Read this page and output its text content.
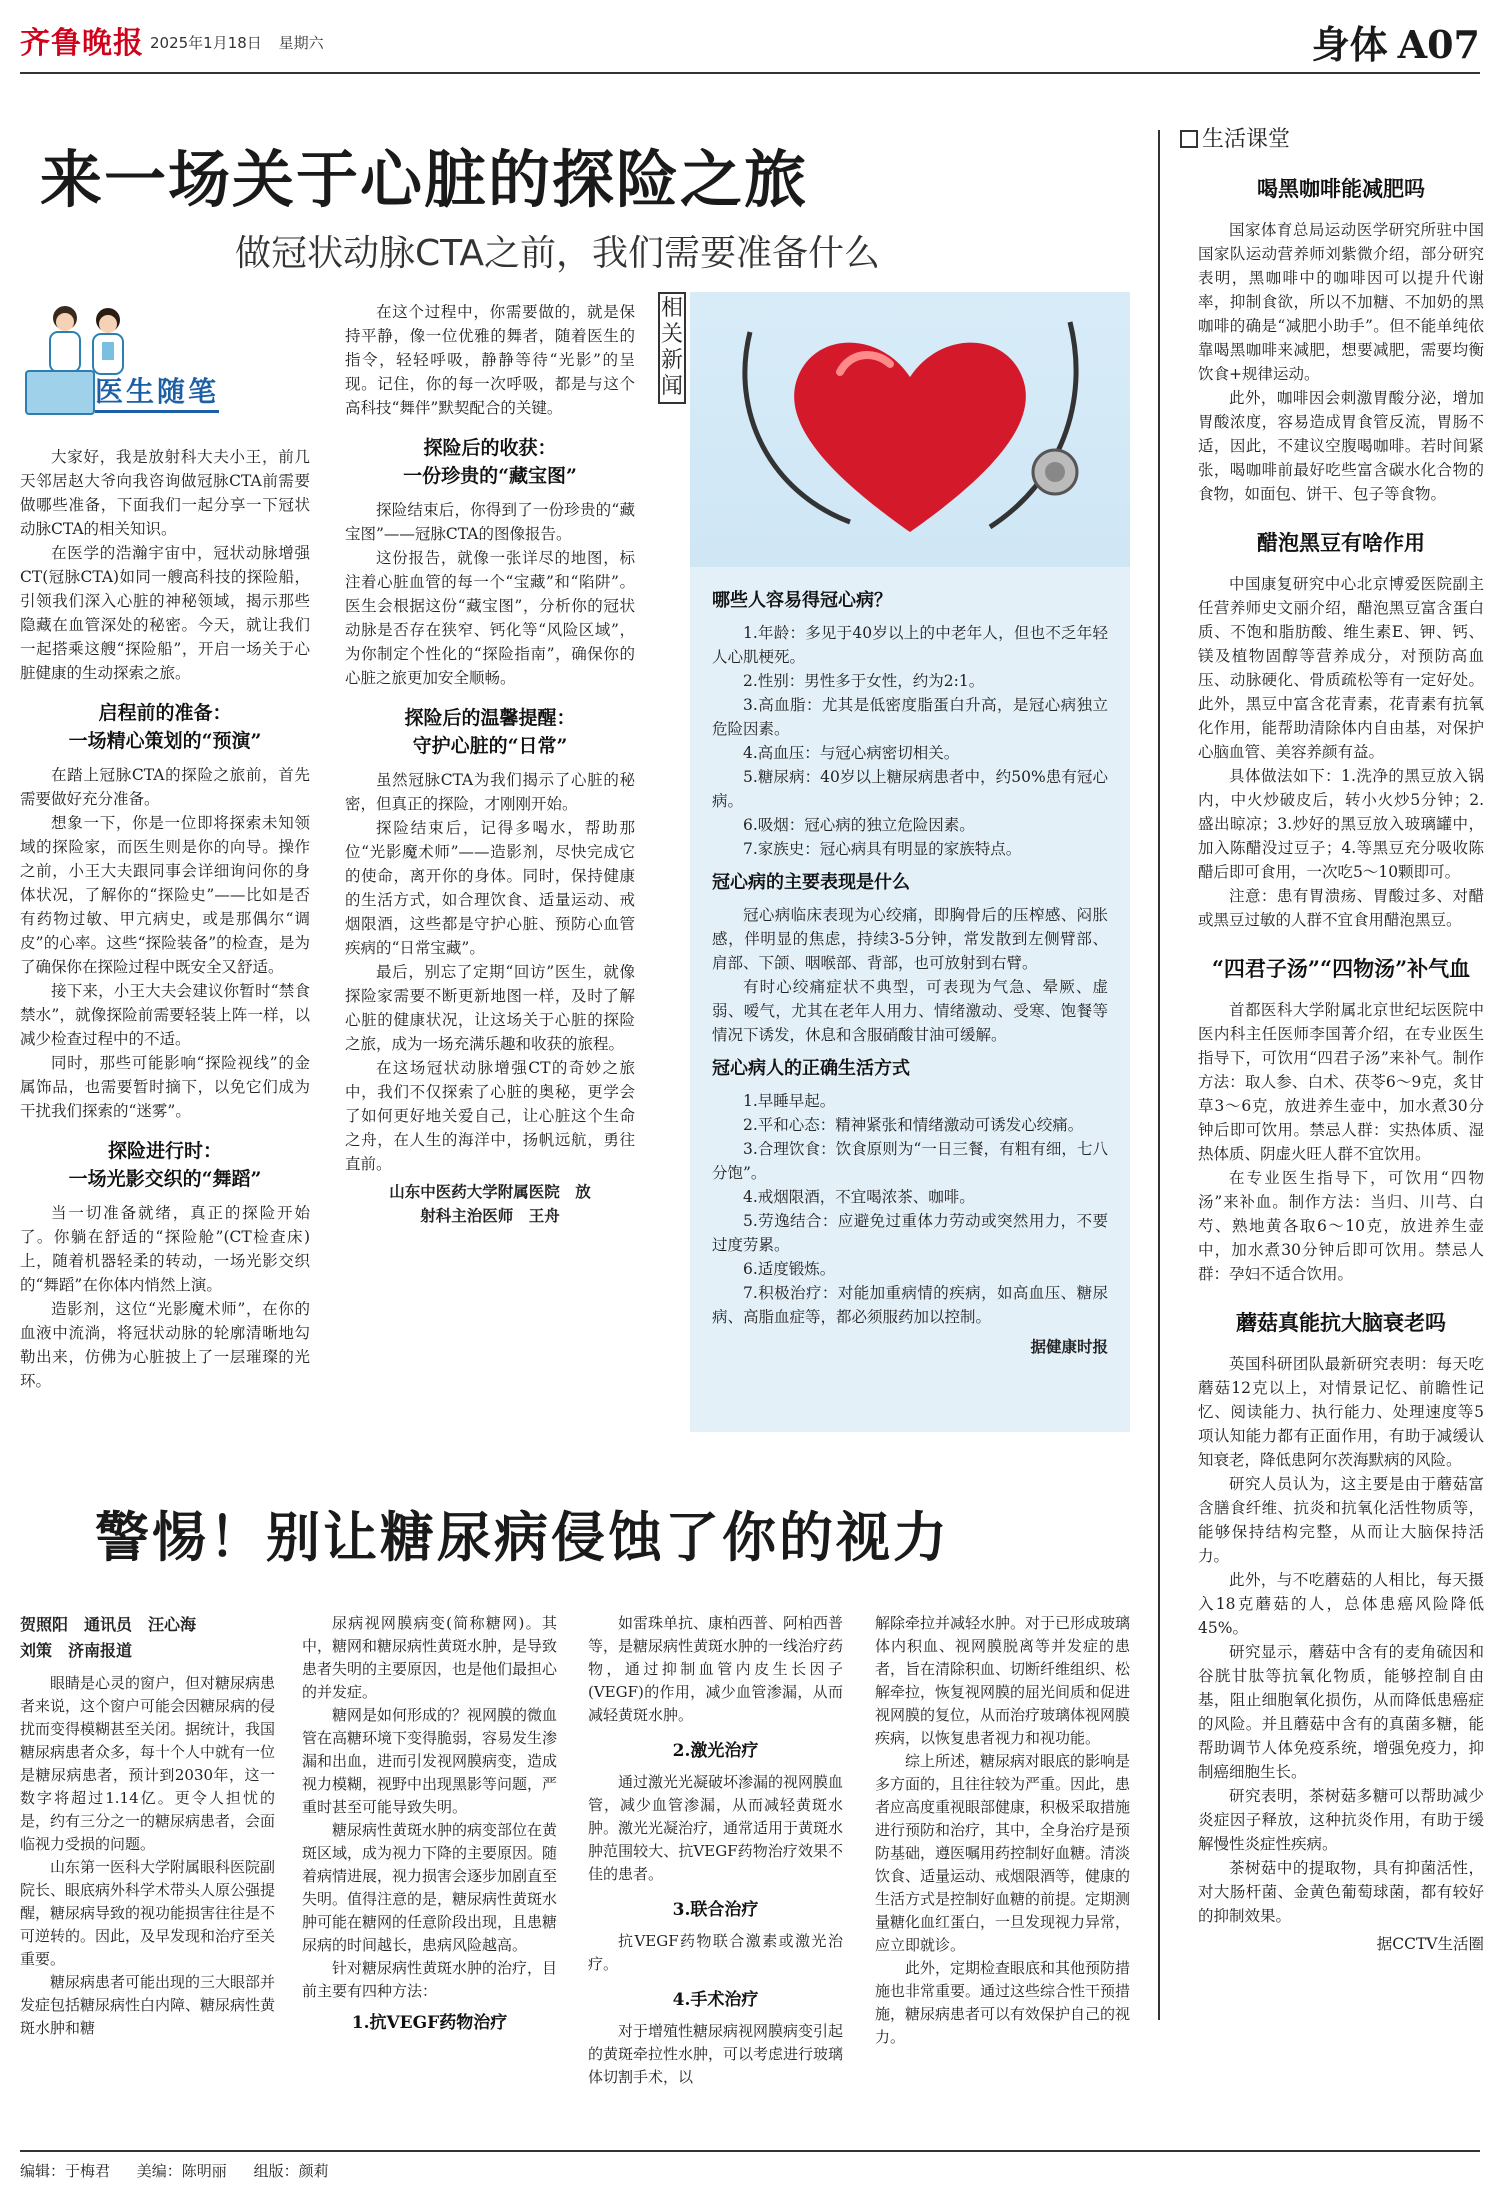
齐鲁晚报 2025年1月18日 星期六	身体 A07
来一场关于心脏的探险之旅
做冠状动脉CTA之前，我们需要准备什么
医生随笔

大家好，我是放射科大夫小王，前几天邻居赵大爷向我咨询做冠脉CTA前需要做哪些准备，下面我们一起分享一下冠状动脉CTA的相关知识。

在医学的浩瀚宇宙中，冠状动脉增强CT(冠脉CTA)如同一艘高科技的探险船，引领我们深入心脏的神秘领域，揭示那些隐藏在血管深处的秘密。今天，就让我们一起搭乘这艘“探险船”，开启一场关于心脏健康的生动探索之旅。

启程前的准备：
一场精心策划的“预演”

在踏上冠脉CTA的探险之旅前，首先需要做好充分准备。

想象一下，你是一位即将探索未知领域的探险家，而医生则是你的向导。操作之前，小王大夫跟同事会详细询问你的身体状况，了解你的“探险史”——比如是否有药物过敏、甲亢病史，或是那偶尔“调皮”的心率。这些“探险装备”的检查，是为了确保你在探险过程中既安全又舒适。

接下来，小王大夫会建议你暂时“禁食禁水”，就像探险前需要轻装上阵一样，以减少检查过程中的不适。

同时，那些可能影响“探险视线”的金属饰品，也需要暂时摘下，以免它们成为干扰我们探索的“迷雾”。

探险进行时：
一场光影交织的“舞蹈”

当一切准备就绪，真正的探险开始了。你躺在舒适的“探险舱”(CT检查床)上，随着机器轻柔的转动，一场光影交织的“舞蹈”在你体内悄然上演。

造影剂，这位“光影魔术师”，在你的血液中流淌，将冠状动脉的轮廓清晰地勾勒出来，仿佛为心脏披上了一层璀璨的光环。

在这个过程中，你需要做的，就是保持平静，像一位优雅的舞者，随着医生的指令，轻轻呼吸，静静等待“光影”的呈现。记住，你的每一次呼吸，都是与这个高科技“舞伴”默契配合的关键。

探险后的收获：
一份珍贵的“藏宝图”

探险结束后，你得到了一份珍贵的“藏宝图”——冠脉CTA的图像报告。

这份报告，就像一张详尽的地图，标注着心脏血管的每一个“宝藏”和“陷阱”。医生会根据这份“藏宝图”，分析你的冠状动脉是否存在狭窄、钙化等“风险区域”，为你制定个性化的“探险指南”，确保你的心脏之旅更加安全顺畅。

探险后的温馨提醒：
守护心脏的“日常”

虽然冠脉CTA为我们揭示了心脏的秘密，但真正的探险，才刚刚开始。

探险结束后，记得多喝水，帮助那位“光影魔术师”——造影剂，尽快完成它的使命，离开你的身体。同时，保持健康的生活方式，如合理饮食、适量运动、戒烟限酒，这些都是守护心脏、预防心血管疾病的“日常宝藏”。

最后，别忘了定期“回访”医生，就像探险家需要不断更新地图一样，及时了解心脏的健康状况，让这场关于心脏的探险之旅，成为一场充满乐趣和收获的旅程。

在这场冠状动脉增强CT的奇妙之旅中，我们不仅探索了心脏的奥秘，更学会了如何更好地关爱自己，让心脏这个生命之舟，在人生的海洋中，扬帆远航，勇往直前。

山东中医药大学附属医院　放
射科主治医师　王舟
相关新闻
哪些人容易得冠心病？
1.年龄：多见于40岁以上的中老年人，但也不乏年轻人心肌梗死。
2.性别：男性多于女性，约为2:1。
3.高血脂：尤其是低密度脂蛋白升高，是冠心病独立危险因素。
4.高血压：与冠心病密切相关。
5.糖尿病：40岁以上糖尿病患者中，约50%患有冠心病。
6.吸烟：冠心病的独立危险因素。
7.家族史：冠心病具有明显的家族特点。
冠心病的主要表现是什么

冠心病临床表现为心绞痛，即胸骨后的压榨感、闷胀感，伴明显的焦虑，持续3-5分钟，常发散到左侧臂部、肩部、下颌、咽喉部、背部，也可放射到右臂。

有时心绞痛症状不典型，可表现为气急、晕厥、虚弱、嗳气，尤其在老年人用力、情绪激动、受寒、饱餐等情况下诱发，休息和含服硝酸甘油可缓解。

冠心病人的正确生活方式
1.早睡早起。
2.平和心态：精神紧张和情绪激动可诱发心绞痛。
3.合理饮食：饮食原则为“一日三餐，有粗有细，七八分饱”。
4.戒烟限酒，不宜喝浓茶、咖啡。
5.劳逸结合：应避免过重体力劳动或突然用力，不要过度劳累。
6.适度锻炼。
7.积极治疗：对能加重病情的疾病，如高血压、糖尿病、高脂血症等，都必须服药加以控制。
据健康时报
生活课堂
喝黑咖啡能减肥吗

国家体育总局运动医学研究所驻中国国家队运动营养师刘紫微介绍，部分研究表明，黑咖啡中的咖啡因可以提升代谢率，抑制食欲，所以不加糖、不加奶的黑咖啡的确是“减肥小助手”。但不能单纯依靠喝黑咖啡来减肥，想要减肥，需要均衡饮食+规律运动。

此外，咖啡因会刺激胃酸分泌，增加胃酸浓度，容易造成胃食管反流，胃肠不适，因此，不建议空腹喝咖啡。若时间紧张，喝咖啡前最好吃些富含碳水化合物的食物，如面包、饼干、包子等食物。

醋泡黑豆有啥作用

中国康复研究中心北京博爱医院副主任营养师史文丽介绍，醋泡黑豆富含蛋白质、不饱和脂肪酸、维生素E、钾、钙、镁及植物固醇等营养成分，对预防高血压、动脉硬化、骨质疏松等有一定好处。此外，黑豆中富含花青素，花青素有抗氧化作用，能帮助清除体内自由基，对保护心脑血管、美容养颜有益。

具体做法如下：1.洗净的黑豆放入锅内，中火炒破皮后，转小火炒5分钟；2.盛出晾凉；3.炒好的黑豆放入玻璃罐中，加入陈醋没过豆子；4.等黑豆充分吸收陈醋后即可食用，一次吃5～10颗即可。

注意：患有胃溃疡、胃酸过多、对醋或黑豆过敏的人群不宜食用醋泡黑豆。

“四君子汤”“四物汤”补气血

首都医科大学附属北京世纪坛医院中医内科主任医师李国菁介绍，在专业医生指导下，可饮用“四君子汤”来补气。制作方法：取人参、白术、茯苓6～9克，炙甘草3～6克，放进养生壶中，加水煮30分钟后即可饮用。禁忌人群：实热体质、湿热体质、阴虚火旺人群不宜饮用。

在专业医生指导下，可饮用“四物汤”来补血。制作方法：当归、川芎、白芍、熟地黄各取6～10克，放进养生壶中，加水煮30分钟后即可饮用。禁忌人群：孕妇不适合饮用。

蘑菇真能抗大脑衰老吗

英国科研团队最新研究表明：每天吃蘑菇12克以上，对情景记忆、前瞻性记忆、阅读能力、执行能力、处理速度等5项认知能力都有正面作用，有助于减缓认知衰老，降低患阿尔茨海默病的风险。

研究人员认为，这主要是由于蘑菇富含膳食纤维、抗炎和抗氧化活性物质等，能够保持结构完整，从而让大脑保持活力。

此外，与不吃蘑菇的人相比，每天摄入18克蘑菇的人，总体患癌风险降低45%。

研究显示，蘑菇中含有的麦角硫因和谷胱甘肽等抗氧化物质，能够控制自由基，阻止细胞氧化损伤，从而降低患癌症的风险。并且蘑菇中含有的真菌多糖，能帮助调节人体免疫系统，增强免疫力，抑制癌细胞生长。

研究表明，茶树菇多糖可以帮助减少炎症因子释放，这种抗炎作用，有助于缓解慢性炎症性疾病。

茶树菇中的提取物，具有抑菌活性，对大肠杆菌、金黄色葡萄球菌，都有较好的抑制效果。

据CCTV生活圈
警惕！别让糖尿病侵蚀了你的视力
贺照阳　通讯员　汪心海
刘策　济南报道

眼睛是心灵的窗户，但对糖尿病患者来说，这个窗户可能会因糖尿病的侵扰而变得模糊甚至关闭。据统计，我国糖尿病患者众多，每十个人中就有一位是糖尿病患者，预计到2030年，这一数字将超过1.14亿。更令人担忧的是，约有三分之一的糖尿病患者，会面临视力受损的问题。

山东第一医科大学附属眼科医院副院长、眼底病外科学术带头人原公强提醒，糖尿病导致的视功能损害往往是不可逆转的。因此，及早发现和治疗至关重要。

糖尿病患者可能出现的三大眼部并发症包括糖尿病性白内障、糖尿病性黄斑水肿和糖

尿病视网膜病变(简称糖网)。其中，糖网和糖尿病性黄斑水肿，是导致患者失明的主要原因，也是他们最担心的并发症。

糖网是如何形成的？视网膜的微血管在高糖环境下变得脆弱，容易发生渗漏和出血，进而引发视网膜病变，造成视力模糊，视野中出现黑影等问题，严重时甚至可能导致失明。

糖尿病性黄斑水肿的病变部位在黄斑区域，成为视力下降的主要原因。随着病情进展，视力损害会逐步加剧直至失明。值得注意的是，糖尿病性黄斑水肿可能在糖网的任意阶段出现，且患糖尿病的时间越长，患病风险越高。

针对糖尿病性黄斑水肿的治疗，目前主要有四种方法：

1.抗VEGF药物治疗

如雷珠单抗、康柏西普、阿柏西普等，是糖尿病性黄斑水肿的一线治疗药物，通过抑制血管内皮生长因子(VEGF)的作用，减少血管渗漏，从而减轻黄斑水肿。

2.激光治疗

通过激光光凝破坏渗漏的视网膜血管，减少血管渗漏，从而减轻黄斑水肿。激光光凝治疗，通常适用于黄斑水肿范围较大、抗VEGF药物治疗效果不佳的患者。

3.联合治疗

抗VEGF药物联合激素或激光治疗。

4.手术治疗

对于增殖性糖尿病视网膜病变引起的黄斑牵拉性水肿，可以考虑进行玻璃体切割手术，以

解除牵拉并减轻水肿。对于已形成玻璃体内积血、视网膜脱离等并发症的患者，旨在清除积血、切断纤维组织、松解牵拉，恢复视网膜的屈光间质和促进视网膜的复位，从而治疗玻璃体视网膜疾病，以恢复患者视力和视功能。

综上所述，糖尿病对眼底的影响是多方面的，且往往较为严重。因此，患者应高度重视眼部健康，积极采取措施进行预防和治疗，其中，全身治疗是预防基础，遵医嘱用药控制好血糖。清淡饮食、适量运动、戒烟限酒等，健康的生活方式是控制好血糖的前提。定期测量糖化血红蛋白，一旦发现视力异常，应立即就诊。

此外，定期检查眼底和其他预防措施也非常重要。通过这些综合性干预措施，糖尿病患者可以有效保护自己的视力。

编辑：于梅君 美编：陈明丽 组版：颜莉
